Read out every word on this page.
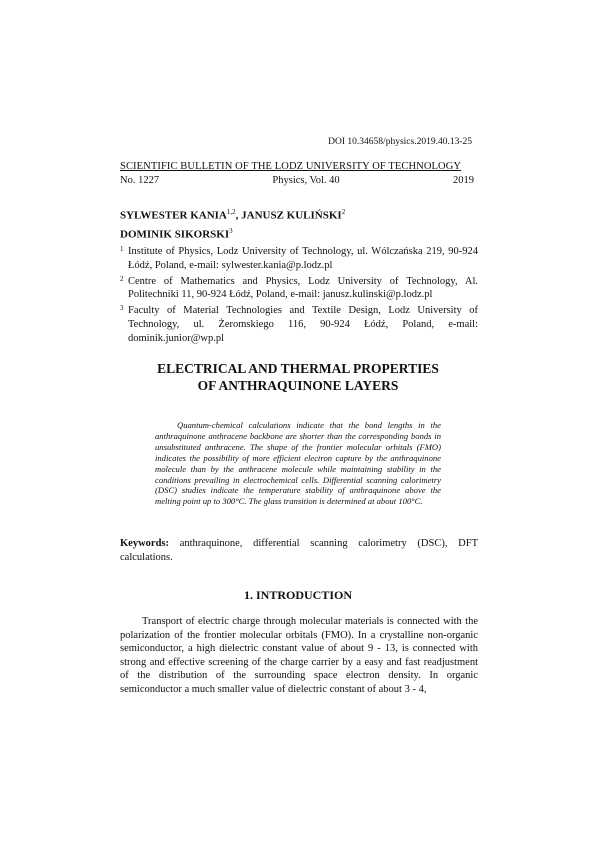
DOI 10.34658/physics.2019.40.13-25
SCIENTIFIC BULLETIN OF THE LODZ UNIVERSITY OF TECHNOLOGY
No. 1227	Physics, Vol. 40	2019
SYLWESTER KANIA$^{1,2}$, JANUSZ KULIŃSKI$^2$
DOMINIK SIKORSKI$^3$
1 Institute of Physics, Lodz University of Technology, ul. Wólczańska 219, 90-924 Łódź, Poland, e-mail: sylwester.kania@p.lodz.pl
2 Centre of Mathematics and Physics, Lodz University of Technology, Al. Politechniki 11, 90-924 Łódź, Poland, e-mail: janusz.kulinski@p.lodz.pl
3 Faculty of Material Technologies and Textile Design, Lodz University of Technology, ul. Żeromskiego 116, 90-924 Łódź, Poland, e-mail: dominik.junior@wp.pl
ELECTRICAL AND THERMAL PROPERTIES
OF ANTHRAQUINONE LAYERS
Quantum-chemical calculations indicate that the bond lengths in the anthraquinone anthracene backbone are shorter than the corresponding bonds in unsubstituted anthracene. The shape of the frontier molecular orbitals (FMO) indicates the possibility of more efficient electron capture by the anthraquinone molecule than by the anthracene molecule while maintaining stability in the conditions prevailing in electrochemical cells. Differential scanning calorimetry (DSC) studies indicate the temperature stability of anthraquinone above the melting point up to 300°C. The glass transition is determined at about 100°C.
Keywords: anthraquinone, differential scanning calorimetry (DSC), DFT calculations.
1. INTRODUCTION
Transport of electric charge through molecular materials is connected with the polarization of the frontier molecular orbitals (FMO). In a crystalline non-organic semiconductor, a high dielectric constant value of about 9 - 13, is connected with strong and effective screening of the charge carrier by a easy and fast readjustment of the distribution of the surrounding space electron density. In organic semiconductor a much smaller value of dielectric constant of about 3 - 4,
